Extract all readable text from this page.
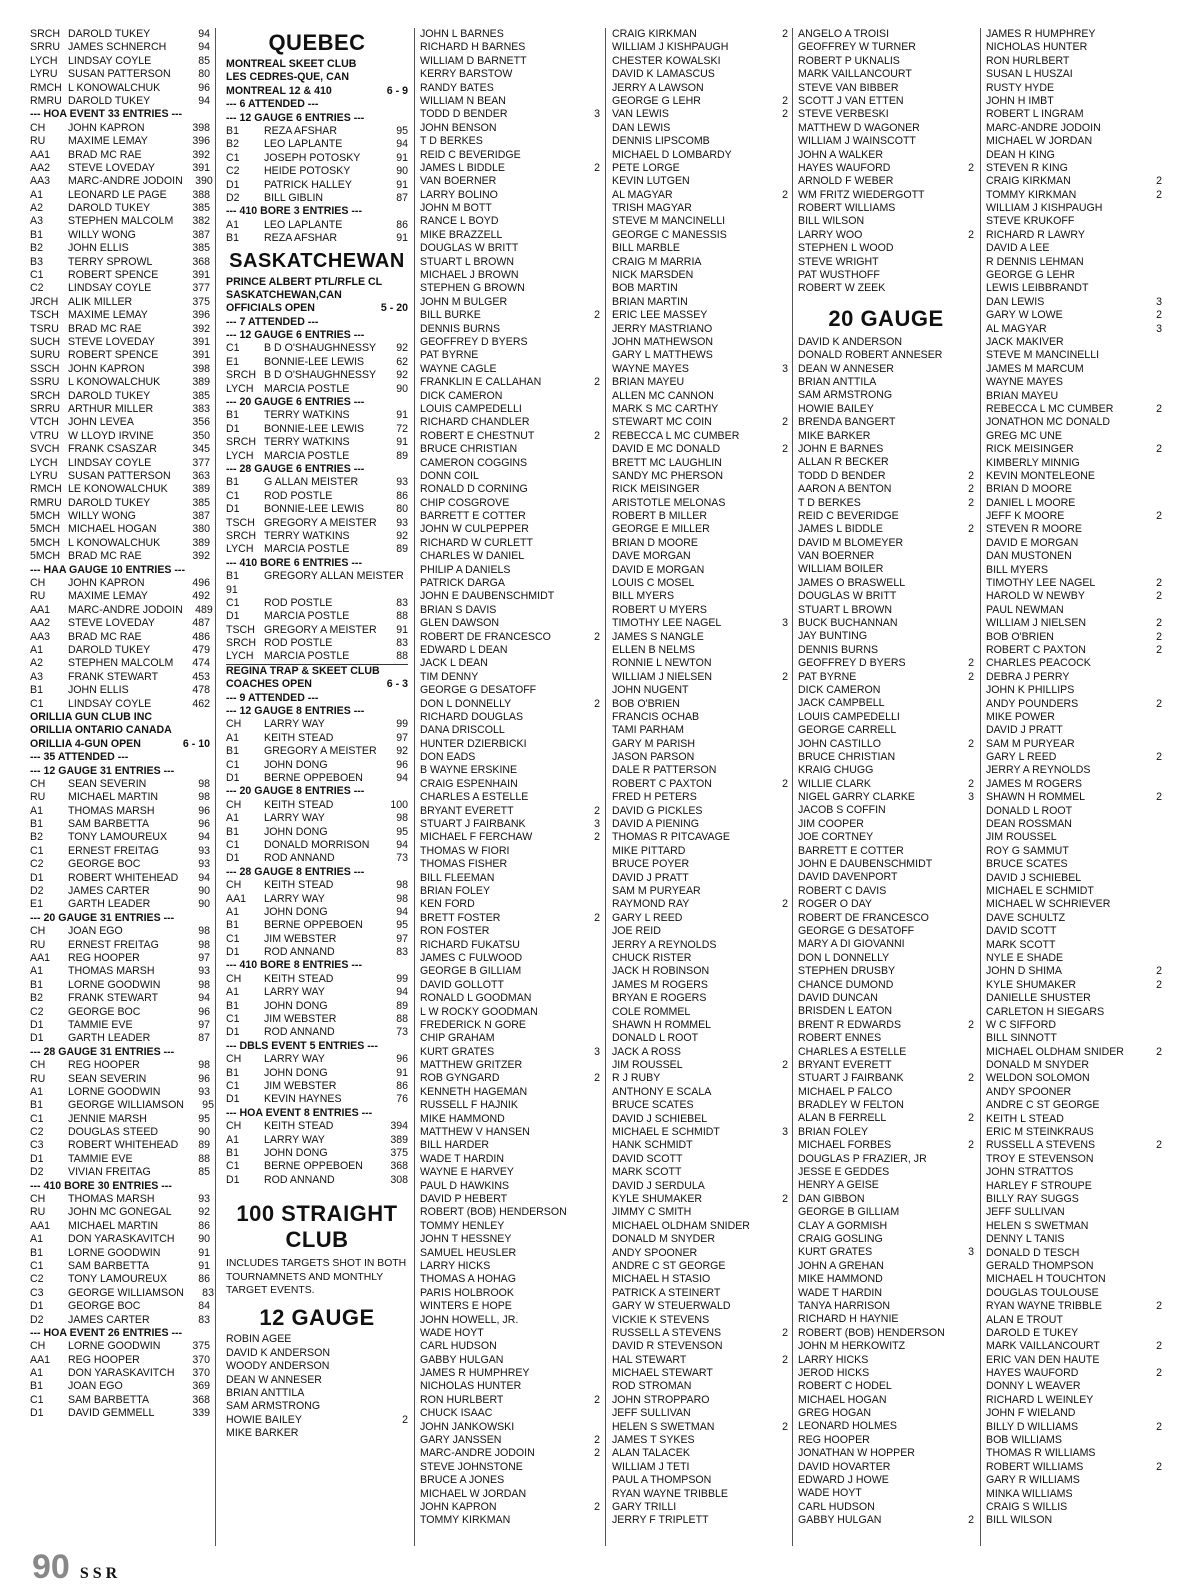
SRCH DAROLD TUKEY	94
SRRU JAMES SCHNERCH	94
LYCH LINDSAY COYLE	85
LYRU SUSAN PATTERSON	80
RMCH L KONOWALCHUK	96
RMRU DAROLD TUKEY	94
--- HOA EVENT 33 ENTRIES ---
CH	JOHN KAPRON	398
RU	MAXIME LEMAY	396
AA1	BRAD MC RAE	392
AA2	STEVE LOVEDAY	391
AA3	MARC-ANDRE JODOIN	390
A1	LEONARD LE PAGE	388
A2	DAROLD TUKEY	385
A3	STEPHEN MALCOLM	382
B1	WILLY WONG	387
B2	JOHN ELLIS	385
B3	TERRY SPROWL	368
C1	ROBERT SPENCE	391
C2	LINDSAY COYLE	377
JRCH ALIK MILLER	375
TSCH MAXIME LEMAY	396
TSRU BRAD MC RAE	392
SUCH STEVE LOVEDAY	391
SURU ROBERT SPENCE	391
SSCH JOHN KAPRON	398
SSRU L KONOWALCHUK	389
SRCH DAROLD TUKEY	385
SRRU ARTHUR MILLER	383
VTCH JOHN LEVEA	356
VTRU W LLOYD IRVINE	350
SVCH FRANK CSASZAR	345
LYCH LINDSAY COYLE	377
LYRU SUSAN PATTERSON	363
RMCH LE KONOWALCHUK	389
RMRU DAROLD TUKEY	385
5MCH WILLY WONG	387
5MCH MICHAEL HOGAN	380
5MCH L KONOWALCHUK	389
5MCH BRAD MC RAE	392
--- HAA GAUGE 10 ENTRIES ---
CH	JOHN KAPRON	496
RU	MAXIME LEMAY	492
AA1	MARC-ANDRE JODOIN	489
AA2	STEVE LOVEDAY	487
AA3	BRAD MC RAE	486
A1	DAROLD TUKEY	479
A2	STEPHEN MALCOLM	474
A3	FRANK STEWART	453
B1	JOHN ELLIS	478
C1	LINDSAY COYLE	462
ORILLIA GUN CLUB INC
ORILLIA ONTARIO CANADA
ORILLIA 4-GUN OPEN	6 - 10
--- 35 ATTENDED ---
--- 12 GAUGE 31 ENTRIES ---
CH	SEAN SEVERIN	98
RU	MICHAEL MARTIN	98
A1	THOMAS MARSH	96
B1	SAM BARBETTA	96
B2	TONY LAMOUREUX	94
C1	ERNEST FREITAG	93
C2	GEORGE BOC	93
D1	ROBERT WHITEHEAD	94
D2	JAMES CARTER	90
E1	GARTH LEADER	90
--- 20 GAUGE 31 ENTRIES ---
CH	JOAN EGO	98
RU	ERNEST FREITAG	98
AA1	REG HOOPER	97
A1	THOMAS MARSH	93
B1	LORNE GOODWIN	98
B2	FRANK STEWART	94
C2	GEORGE BOC	96
D1	TAMMIE EVE	97
D1	GARTH LEADER	87
--- 28 GAUGE 31 ENTRIES ---
CH	REG HOOPER	98
RU	SEAN SEVERIN	96
A1	LORNE GOODWIN	93
B1	GEORGE WILLIAMSON	95
C1	JENNIE MARSH	95
C2	DOUGLAS STEED	90
C3	ROBERT WHITEHEAD	89
D1	TAMMIE EVE	88
D2	VIVIAN FREITAG	85
--- 410 BORE 30 ENTRIES ---
CH	THOMAS MARSH	93
RU	JOHN MC GONEGAL	92
AA1	MICHAEL MARTIN	86
A1	DON YARASKAVITCH	90
B1	LORNE GOODWIN	91
C1	SAM BARBETTA	91
C2	TONY LAMOUREUX	86
C3	GEORGE WILLIAMSON	83
D1	GEORGE BOC	84
D2	JAMES CARTER	83
--- HOA EVENT 26 ENTRIES ---
CH	LORNE GOODWIN	375
AA1	REG HOOPER	370
A1	DON YARASKAVITCH	370
B1	JOAN EGO	369
C1	SAM BARBETTA	368
D1	DAVID GEMMELL	339
QUEBEC
MONTREAL SKEET CLUB
LES CEDRES-QUE, CAN
MONTREAL 12 & 410	6 - 9
--- 6 ATTENDED ---
--- 12 GAUGE 6 ENTRIES ---
B1	REZA AFSHAR	95
B2	LEO LAPLANTE	94
C1	JOSEPH POTOSKY	91
C2	HEIDE POTOSKY	90
D1	PATRICK HALLEY	91
D2	BILL GIBLIN	87
--- 410 BORE 3 ENTRIES ---
A1	LEO LAPLANTE	86
B1	REZA AFSHAR	91
SASKATCHEWAN
PRINCE ALBERT PTL/RFLE CL
SASKATCHEWAN,CAN
OFFICIALS OPEN	5 - 20
--- 7 ATTENDED ---
--- 12 GAUGE 6 ENTRIES ---
C1	B D O'SHAUGHNESSY	92
E1	BONNIE-LEE LEWIS	62
SRCH B D O'SHAUGHNESSY	92
LYCH MARCIA POSTLE	90
--- 20 GAUGE 6 ENTRIES ---
B1	TERRY WATKINS	91
D1	BONNIE-LEE LEWIS	72
SRCH TERRY WATKINS	91
LYCH MARCIA POSTLE	89
--- 28 GAUGE 6 ENTRIES ---
B1	G ALLAN MEISTER	93
C1	ROD POSTLE	86
D1	BONNIE-LEE LEWIS	80
TSCH GREGORY A MEISTER	93
SRCH TERRY WATKINS	92
LYCH MARCIA POSTLE	89
--- 410 BORE 6 ENTRIES ---
B1	GREGORY ALLAN MEISTER
91
C1	ROD POSTLE	83
D1	MARCIA POSTLE	88
TSCH GREGORY A MEISTER	91
SRCH ROD POSTLE	83
LYCH MARCIA POSTLE	88
REGINA TRAP & SKEET CLUB
COACHES OPEN	6 - 3
--- 9 ATTENDED ---
--- 12 GAUGE 8 ENTRIES ---
CH	LARRY WAY	99
A1	KEITH STEAD	97
B1	GREGORY A MEISTER	92
C1	JOHN DONG	96
D1	BERNE OPPEBOEN	94
--- 20 GAUGE 8 ENTRIES ---
CH	KEITH STEAD	100
A1	LARRY WAY	98
B1	JOHN DONG	95
C1	DONALD MORRISON	94
D1	ROD ANNAND	73
--- 28 GAUGE 8 ENTRIES ---
CH	KEITH STEAD	98
AA1	LARRY WAY	98
A1	JOHN DONG	94
B1	BERNE OPPEBOEN	95
C1	JIM WEBSTER	97
D1	ROD ANNAND	83
--- 410 BORE 8 ENTRIES ---
CH	KEITH STEAD	99
A1	LARRY WAY	94
B1	JOHN DONG	89
C1	JIM WEBSTER	88
D1	ROD ANNAND	73
--- DBLS EVENT 5 ENTRIES ---
CH	LARRY WAY	96
B1	JOHN DONG	91
C1	JIM WEBSTER	86
D1	KEVIN HAYNES	76
--- HOA EVENT 8 ENTRIES ---
CH	KEITH STEAD	394
A1	LARRY WAY	389
B1	JOHN DONG	375
C1	BERNE OPPEBOEN	368
D1	ROD ANNAND	308
100 STRAIGHT
CLUB
INCLUDES TARGETS SHOT IN BOTH TOURNAMNETS AND MONTHLY TARGET EVENTS.
12 GAUGE
ROBIN AGEE
DAVID K ANDERSON
WOODY ANDERSON
DEAN W ANNESER
BRIAN ANTTILA
SAM ARMSTRONG
HOWIE BAILEY	2
MIKE BARKER
JOHN L BARNES
RICHARD H BARNES
WILLIAM D BARNETT
KERRY BARSTOW
RANDY BATES
WILLIAM N BEAN
TODD D BENDER	3
JOHN BENSON
T D BERKES
REID C BEVERIDGE
JAMES L BIDDLE	2
VAN BOERNER
LARRY BOLINO
JOHN M BOTT
RANCE L BOYD
MIKE BRAZZELL
DOUGLAS W BRITT
STUART L BROWN
MICHAEL J BROWN
STEPHEN G BROWN
JOHN M BULGER
BILL BURKE	2
DENNIS BURNS
GEOFFREY D BYERS
PAT BYRNE
WAYNE CAGLE
FRANKLIN E CALLAHAN	2
DICK CAMERON
LOUIS CAMPEDELLI
RICHARD CHANDLER
ROBERT E CHESTNUT	2
BRUCE CHRISTIAN
CAMERON COGGINS
DONN COIL
RONALD D CORNING
CHIP COSGROVE
BARRETT E COTTER
JOHN W CULPEPPER
RICHARD W CURLETT
CHARLES W DANIEL
PHILIP A DANIELS
PATRICK DARGA
JOHN E DAUBENSCHMIDT
BRIAN S DAVIS
GLEN DAWSON
ROBERT DE FRANCESCO	2
EDWARD L DEAN
JACK L DEAN
TIM DENNY
GEORGE G DESATOFF
DON L DONNELLY	2
RICHARD DOUGLAS
DANA DRISCOLL
HUNTER DZIERBICKI
DON EADS
B WAYNE ERSKINE
CRAIG ESPENHAIN
CHARLES A ESTELLE
BRYANT EVERETT	2
STUART J FAIRBANK	3
MICHAEL F FERCHAW	2
THOMAS W FIORI
THOMAS FISHER
BILL FLEEMAN
BRIAN FOLEY
KEN FORD
BRETT FOSTER	2
RON FOSTER
RICHARD FUKATSU
JAMES C FULWOOD
GEORGE B GILLIAM
DAVID GOLLOTT
RONALD L GOODMAN
L W ROCKY GOODMAN
FREDERICK N GORE
CHIP GRAHAM
KURT GRATES	3
MATTHEW GRITZER
ROB GYNGARD	2
KENNETH HAGEMAN
RUSSELL F HAJNIK
MIKE HAMMOND
MATTHEW V HANSEN
BILL HARDER
WADE T HARDIN
WAYNE E HARVEY
PAUL D HAWKINS
DAVID P HEBERT
ROBERT (BOB) HENDERSON
TOMMY HENLEY
JOHN T HESSNEY
SAMUEL HEUSLER
LARRY HICKS
THOMAS A HOHAG
PARIS HOLBROOK
WINTERS E HOPE
JOHN HOWELL, JR.
WADE HOYT
CARL HUDSON
GABBY HULGAN
JAMES R HUMPHREY
NICHOLAS HUNTER
RON HURLBERT	2
CHUCK ISAAC
JOHN JANKOWSKI
GARY JANSSEN	2
MARC-ANDRE JODOIN	2
STEVE JOHNSTONE
BRUCE A JONES
MICHAEL W JORDAN
JOHN KAPRON	2
TOMMY KIRKMAN
CRAIG KIRKMAN	2
WILLIAM J KISHPAUGH
CHESTER KOWALSKI
DAVID K LAMASCUS
JERRY A LAWSON
GEORGE G LEHR	2
VAN LEWIS	2
DAN LEWIS
DENNIS LIPSCOMB
MICHAEL D LOMBARDY
PETE LORGE
KEVIN LUTGEN
AL MAGYAR	2
TRISH MAGYAR
STEVE M MANCINELLI
GEORGE C MANESSIS
BILL MARBLE
CRAIG M MARRIA
NICK MARSDEN
BOB MARTIN
BRIAN MARTIN
ERIC LEE MASSEY
JERRY MASTRIANO
JOHN MATHEWSON
GARY L MATTHEWS
WAYNE MAYES	3
BRIAN MAYEU
ALLEN MC CANNON
MARK S MC CARTHY
STEWART MC COIN	2
REBECCA L MC CUMBER
DAVID E MC DONALD	2
BRETT MC LAUGHLIN
SANDY MC PHERSON
RICK MEISINGER
ARISTOTLE MELONAS
ROBERT B MILLER
GEORGE E MILLER
BRIAN D MOORE
DAVE MORGAN
DAVID E MORGAN
LOUIS C MOSEL
BILL MYERS
ROBERT U MYERS
TIMOTHY LEE NAGEL	3
JAMES S NANGLE
ELLEN B NELMS
RONNIE L NEWTON
WILLIAM J NIELSEN	2
JOHN NUGENT
BOB O'BRIEN
FRANCIS OCHAB
TAMI PARHAM
GARY M PARISH
JASON PARSON
DALE R PATTERSON
ROBERT C PAXTON	2
FRED H PETERS
DAVID G PICKLES
DAVID A PIENING
THOMAS R PITCAVAGE
MIKE PITTARD
BRUCE POYER
DAVID J PRATT
SAM M PURYEAR
RAYMOND RAY	2
GARY L REED
JOE REID
JERRY A REYNOLDS
CHUCK RISTER
JACK H ROBINSON
JAMES M ROGERS
BRYAN E ROGERS
COLE ROMMEL
SHAWN H ROMMEL
DONALD L ROOT
JACK A ROSS
JIM ROUSSEL	2
R J RUBY
ANTHONY E SCALA
BRUCE SCATES
DAVID J SCHIEBEL
MICHAEL E SCHMIDT	3
HANK SCHMIDT
DAVID SCOTT
MARK SCOTT
DAVID J SERDULA
KYLE SHUMAKER	2
JIMMY C SMITH
MICHAEL OLDHAM SNIDER
DONALD M SNYDER
ANDY SPOONER
ANDRE C ST GEORGE
MICHAEL H STASIO
PATRICK A STEINERT
GARY W STEUERWALD
VICKIE K STEVENS
RUSSELL A STEVENS	2
DAVID R STEVENSON
HAL STEWART	2
MICHAEL STEWART
ROD STROMAN
JOHN STROPPARO
JEFF SULLIVAN
HELEN S SWETMAN	2
JAMES T SYKES
ALAN TALACEK
WILLIAM J TETI
PAUL A THOMPSON
RYAN WAYNE TRIBBLE
GARY TRILLI
JERRY F TRIPLETT
ANGELO A TROISI
GEOFFREY W TURNER
ROBERT P UKNALIS
MARK VAILLANCOURT
STEVE VAN BIBBER
SCOTT J VAN ETTEN
STEVE VERBESKI
MATTHEW D WAGONER
WILLIAM J WAINSCOTT
JOHN A WALKER
HAYES WAUFORD	2
ARNOLD F WEBER
WM FRITZ WIEDERGOTT
ROBERT WILLIAMS
BILL WILSON
LARRY WOO	2
STEPHEN L WOOD
STEVE WRIGHT
PAT WUSTHOFF
ROBERT W ZEEK
20 GAUGE
DAVID K ANDERSON
DONALD ROBERT ANNESER
DEAN W ANNESER
BRIAN ANTTILA
SAM ARMSTRONG
HOWIE BAILEY
BRENDA BANGERT
MIKE BARKER
JOHN E BARNES
ALLAN R BECKER
TODD D BENDER	2
AARON A BENTON	2
T D BERKES	2
REID C BEVERIDGE
JAMES L BIDDLE	2
DAVID M BLOMEYER
VAN BOERNER
WILLIAM BOILER
JAMES O BRASWELL
DOUGLAS W BRITT
STUART L BROWN
BUCK BUCHANNAN
JAY BUNTING
DENNIS BURNS
GEOFFREY D BYERS	2
PAT BYRNE	2
DICK CAMERON
JACK CAMPBELL
LOUIS CAMPEDELLI
GEORGE CARRELL
JOHN CASTILLO	2
BRUCE CHRISTIAN
KRAIG CHUGG
WILLIE CLARK	2
NIGEL GARRY CLARKE	3
JACOB S COFFIN
JIM COOPER
JOE CORTNEY
BARRETT E COTTER
JOHN E DAUBENSCHMIDT
DAVID DAVENPORT
ROBERT C DAVIS
ROGER O DAY
ROBERT DE FRANCESCO
GEORGE G DESATOFF
MARY A DI GIOVANNI
DON L DONNELLY
STEPHEN DRUSBY
CHANCE DUMOND
DAVID DUNCAN
BRISDEN L EATON
BRENT R EDWARDS	2
ROBERT ENNES
CHARLES A ESTELLE
BRYANT EVERETT
STUART J FAIRBANK	2
MICHAEL P FALCO
BRADLEY W FELTON
ALAN B FERRELL	2
BRIAN FOLEY
MICHAEL FORBES	2
DOUGLAS P FRAZIER, JR
JESSE E GEDDES
HENRY A GEISE
DAN GIBBON
GEORGE B GILLIAM
CLAY A GORMISH
CRAIG GOSLING
KURT GRATES	3
JOHN A GREHAN
MIKE HAMMOND
WADE T HARDIN
TANYA HARRISON
RICHARD H HAYNIE
ROBERT (BOB) HENDERSON
JOHN M HERKOWITZ
LARRY HICKS
JEROD HICKS
ROBERT C HODEL
MICHAEL HOGAN
GREG HOGAN
LEONARD HOLMES
REG HOOPER
JONATHAN W HOPPER
DAVID HOVARTER
EDWARD J HOWE
WADE HOYT
CARL HUDSON
GABBY HULGAN	2
JAMES R HUMPHREY
NICHOLAS HUNTER
RON HURLBERT
SUSAN L HUSZAI
RUSTY HYDE
JOHN H IMBT
ROBERT L INGRAM
MARC-ANDRE JODOIN
MICHAEL W JORDAN
DEAN H KING
STEVEN R KING
CRAIG KIRKMAN	2
TOMMY KIRKMAN	2
WILLIAM J KISHPAUGH
STEVE KRUKOFF
RICHARD R LAWRY
DAVID A LEE
R DENNIS LEHMAN
GEORGE G LEHR
LEWIS LEIBBRANDT
DAN LEWIS	3
GARY W LOWE	2
AL MAGYAR	3
JACK MAKIVER
STEVE M MANCINELLI
JAMES M MARCUM
WAYNE MAYES
BRIAN MAYEU
REBECCA L MC CUMBER	2
JONATHON MC DONALD
GREG MC UNE
RICK MEISINGER	2
KIMBERLY MINNIG
KEVIN MONTELEONE
BRIAN D MOORE
DANIEL L MOORE
JEFF K MOORE	2
STEVEN R MOORE
DAVID E MORGAN
DAN MUSTONEN
BILL MYERS
TIMOTHY LEE NAGEL	2
HAROLD W NEWBY	2
PAUL NEWMAN
WILLIAM J NIELSEN	2
BOB O'BRIEN	2
ROBERT C PAXTON	2
CHARLES PEACOCK
DEBRA J PERRY
JOHN K PHILLIPS
ANDY POUNDERS	2
MIKE POWER
DAVID J PRATT
SAM M PURYEAR
GARY L REED	2
JERRY A REYNOLDS
JAMES M ROGERS
SHAWN H ROMMEL	2
DONALD L ROOT
DEAN ROSSMAN
JIM ROUSSEL
ROY G SAMMUT
BRUCE SCATES
DAVID J SCHIEBEL
MICHAEL E SCHMIDT
MICHAEL W SCHRIEVER
DAVE SCHULTZ
DAVID SCOTT
MARK SCOTT
NYLE E SHADE
JOHN D SHIMA	2
KYLE SHUMAKER	2
DANIELLE SHUSTER
CARLETON H SIEGARS
W C SIFFORD
BILL SINNOTT
MICHAEL OLDHAM SNIDER	2
DONALD M SNYDER
WELDON SOLOMON
ANDY SPOONER
ANDRE C ST GEORGE
KEITH L STEAD
ERIC M STEINKRAUS
RUSSELL A STEVENS	2
TROY E STEVENSON
JOHN STRATTOS
HARLEY F STROUPE
BILLY RAY SUGGS
JEFF SULLIVAN
HELEN S SWETMAN
DENNY L TANIS
DONALD D TESCH
GERALD THOMPSON
MICHAEL H TOUCHTON
DOUGLAS TOULOUSE
RYAN WAYNE TRIBBLE	2
ALAN E TROUT
DAROLD E TUKEY
MARK VAILLANCOURT	2
ERIC VAN DEN HAUTE
HAYES WAUFORD	2
DONNY L WEAVER
RICHARD L WEINLEY
JOHN F WIELAND
BILLY D WILLIAMS	2
BOB WILLIAMS
THOMAS R WILLIAMS
ROBERT WILLIAMS	2
GARY R WILLIAMS
MINKA WILLIAMS
CRAIG S WILLIS
BILL WILSON
90 SSR
